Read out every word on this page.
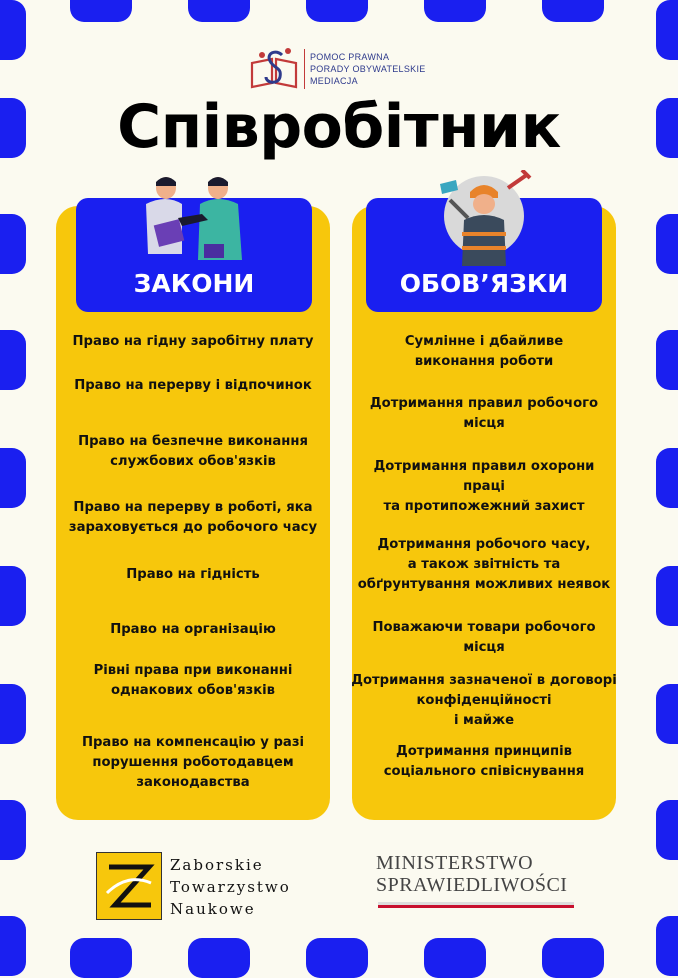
POMOC PRAWNA
PORADY OBYWATELSKIE
MEDIACJA
Співробітник
ЗАКОНИ	ОБОВ’ЯЗКИ
Право на гідну заробітну плату
Право на перерву і відпочинок
Право на безпечне виконання
службових обов'язків
Право на перерву в роботі, яка
зараховується до робочого часу
Право на гідність
Право на організацію
Рівні права при виконанні
однакових обов'язків
Право на компенсацію у разі
порушення роботодавцем
законодавства
Сумлінне і дбайливе
виконання роботи
Дотримання правил робочого
місця
Дотримання правил охорони
праці
та протипожежний захист
Дотримання робочого часу,
а також звітність та
обґрунтування можливих неявок
Поважаючи товари робочого
місця
Дотримання зазначеної в договорі
конфіденційності
і майже
Дотримання принципів
соціального співіснування
Zaborskie
Towarzystwo
Naukowe
MINISTERSTWO
SPRAWIEDLIWOŚCI
